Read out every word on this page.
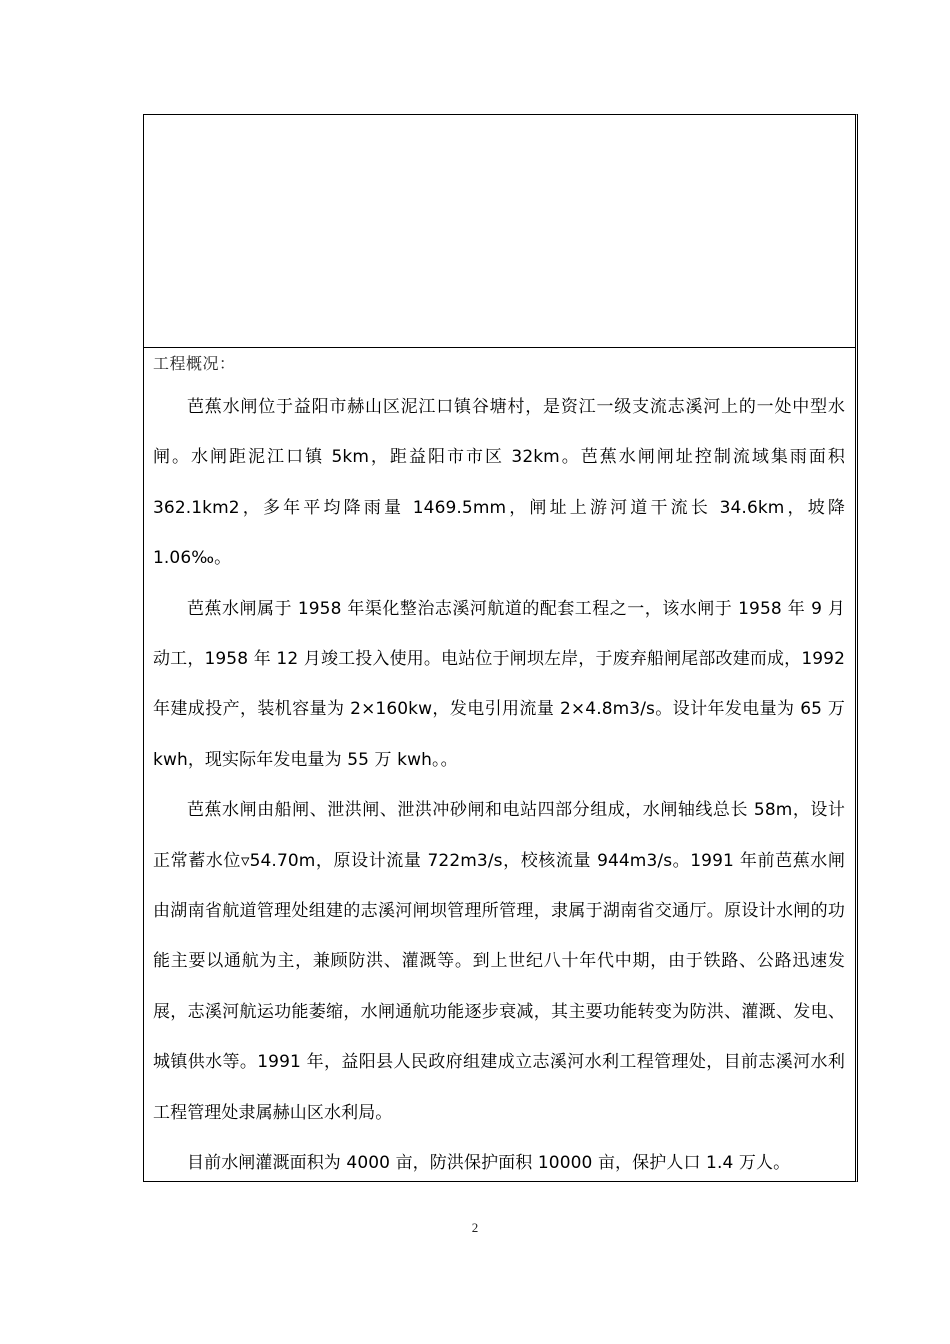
工程概况：

芭蕉水闸位于益阳市赫山区泥江口镇谷塘村，是资江一级支流志溪河上的一处中型水闸。水闸距泥江口镇 5km，距益阳市市区 32km。芭蕉水闸闸址控制流域集雨面积 362.1km2，多年平均降雨量 1469.5mm，闸址上游河道干流长 34.6km，坡降 1.06‰。

芭蕉水闸属于 1958 年渠化整治志溪河航道的配套工程之一，该水闸于 1958 年 9 月动工，1958 年 12 月竣工投入使用。电站位于闸坝左岸，于废弃船闸尾部改建而成，1992 年建成投产，装机容量为 2×160kw，发电引用流量 2×4.8m3/s。设计年发电量为 65 万 kwh，现实际年发电量为 55 万 kwh。。

芭蕉水闸由船闸、泄洪闸、泄洪冲砂闸和电站四部分组成，水闸轴线总长 58m，设计正常蓄水位▿54.70m，原设计流量 722m3/s，校核流量 944m3/s。1991 年前芭蕉水闸由湖南省航道管理处组建的志溪河闸坝管理所管理，隶属于湖南省交通厅。原设计水闸的功能主要以通航为主，兼顾防洪、灌溉等。到上世纪八十年代中期，由于铁路、公路迅速发展，志溪河航运功能萎缩，水闸通航功能逐步衰减，其主要功能转变为防洪、灌溉、发电、城镇供水等。1991 年，益阳县人民政府组建成立志溪河水利工程管理处，目前志溪河水利工程管理处隶属赫山区水利局。

目前水闸灌溉面积为 4000 亩，防洪保护面积 10000 亩，保护人口 1.4 万人。

2
